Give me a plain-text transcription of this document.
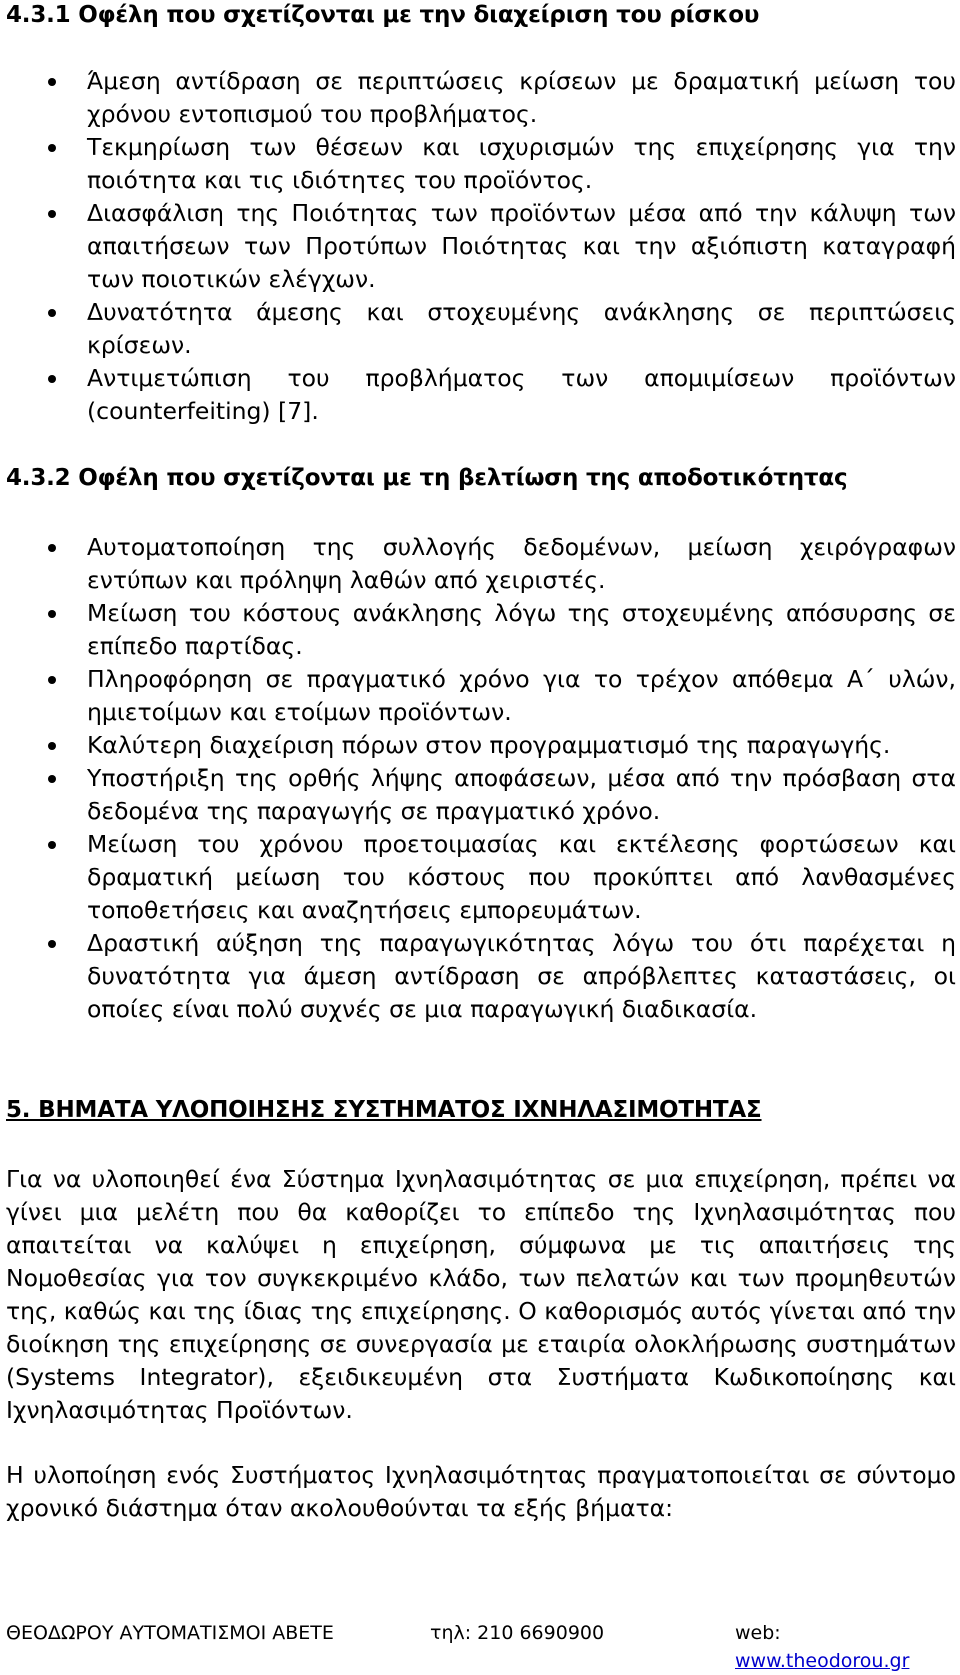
4.3.1 Οφέλη που σχετίζονται με την διαχείριση του ρίσκου
Άμεση αντίδραση σε περιπτώσεις κρίσεων με δραματική μείωση του χρόνου εντοπισμού του προβλήματος.
Τεκμηρίωση των θέσεων και ισχυρισμών της επιχείρησης για την ποιότητα και τις ιδιότητες του προϊόντος.
Διασφάλιση της Ποιότητας των προϊόντων μέσα από την κάλυψη των απαιτήσεων των Προτύπων Ποιότητας και την αξιόπιστη καταγραφή των ποιοτικών ελέγχων.
Δυνατότητα άμεσης και στοχευμένης ανάκλησης σε περιπτώσεις κρίσεων.
Αντιμετώπιση του προβλήματος των απομιμίσεων προϊόντων (counterfeiting) [7].
4.3.2 Οφέλη που σχετίζονται με τη βελτίωση της αποδοτικότητας
Αυτοματοποίηση της συλλογής δεδομένων, μείωση χειρόγραφων εντύπων και πρόληψη λαθών από χειριστές.
Μείωση του κόστους ανάκλησης λόγω της στοχευμένης απόσυρσης σε επίπεδο παρτίδας.
Πληροφόρηση σε πραγματικό χρόνο για το τρέχον απόθεμα Α΄ υλών, ημιετοίμων και ετοίμων προϊόντων.
Καλύτερη διαχείριση πόρων στον προγραμματισμό της παραγωγής.
Υποστήριξη της ορθής λήψης αποφάσεων, μέσα από την πρόσβαση στα δεδομένα της παραγωγής σε πραγματικό χρόνο.
Μείωση του χρόνου προετοιμασίας και εκτέλεσης φορτώσεων και δραματική μείωση του κόστους που προκύπτει από λανθασμένες τοποθετήσεις και αναζητήσεις εμπορευμάτων.
Δραστική αύξηση της παραγωγικότητας λόγω του ότι παρέχεται η δυνατότητα για άμεση αντίδραση σε απρόβλεπτες καταστάσεις, οι οποίες είναι πολύ συχνές σε μια παραγωγική διαδικασία.
5. ΒΗΜΑΤΑ ΥΛΟΠΟΙΗΣΗΣ ΣΥΣΤΗΜΑΤΟΣ ΙΧΝΗΛΑΣΙΜΟΤΗΤΑΣ

Για να υλοποιηθεί ένα Σύστημα Ιχνηλασιμότητας σε μια επιχείρηση, πρέπει να γίνει μια μελέτη που θα καθορίζει το επίπεδο της Ιχνηλασιμότητας που απαιτείται να καλύψει η επιχείρηση, σύμφωνα με τις απαιτήσεις της Νομοθεσίας για τον συγκεκριμένο κλάδο, των πελατών και των προμηθευτών της, καθώς και της ίδιας της επιχείρησης. Ο καθορισμός αυτός γίνεται από την διοίκηση της επιχείρησης σε συνεργασία με εταιρία ολοκλήρωσης συστημάτων (Systems Integrator), εξειδικευμένη στα Συστήματα Κωδικοποίησης και Ιχνηλασιμότητας Προϊόντων.

Η υλοποίηση ενός Συστήματος Ιχνηλασιμότητας πραγματοποιείται σε σύντομο χρονικό διάστημα όταν ακολουθούνται τα εξής βήματα:

ΘΕΟΔΩΡΟΥ ΑΥΤΟΜΑΤΙΣΜΟΙ ΑΒΕΤΕ	τηλ: 210 6690900	web: www.theodorou.gr
